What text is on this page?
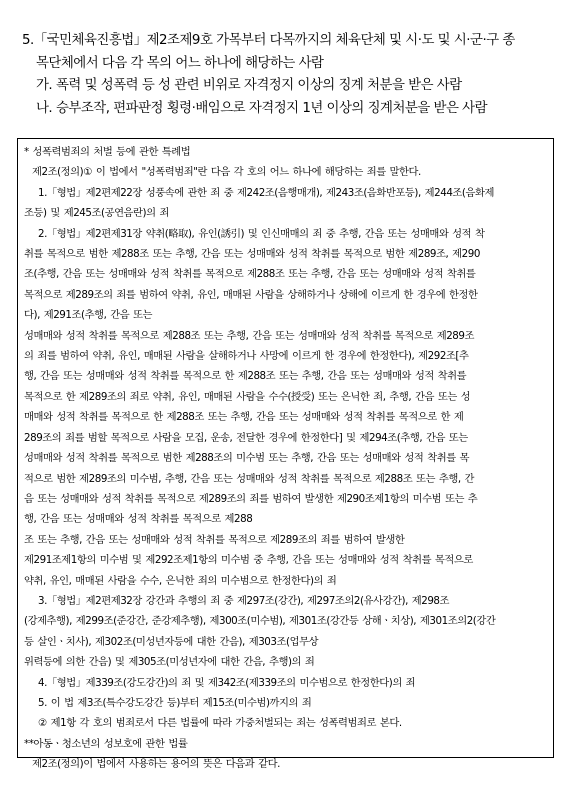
5.「국민체육진흥법」제2조제9호 가목부터 다목까지의 체육단체 및 시·도 및 시·군·구 종
목단체에서 다음 각 목의 어느 하나에 해당하는 사람
가. 폭력 및 성폭력 등 성 관련 비위로 자격정지 이상의 징계 처분을 받은 사람
나. 승부조작, 편파판정 횡령·배임으로 자격정지 1년 이상의 징계처분을 받은 사람
* 성폭력범죄의 처벌 등에 관한 특례법
제2조(정의)① 이 법에서 "성폭력범죄"란 다음 각 호의 어느 하나에 해당하는 죄를 말한다.
1.「형법」제2편제22장 성풍속에 관한 죄 중 제242조(음행매개), 제243조(음화반포등), 제244조(음화제
조등) 및 제245조(공연음란)의 죄
2.「형법」제2편제31장 약취(略取), 유인(誘引) 및 인신매매의 죄 중 추행, 간음 또는 성매매와 성적 착
취를 목적으로 범한 제288조 또는 추행, 간음 또는 성매매와 성적 착취를 목적으로 범한 제289조, 제290
조(추행, 간음 또는 성매매와 성적 착취를 목적으로 제288조 또는 추행, 간음 또는 성매매와 성적 착취를
목적으로 제289조의 죄를 범하여 약취, 유인, 매매된 사람을 상해하거나 상해에 이르게 한 경우에 한정한
다), 제291조(추행, 간음 또는
성매매와 성적 착취를 목적으로 제288조 또는 추행, 간음 또는 성매매와 성적 착취를 목적으로 제289조
의 죄를 범하여 약취, 유인, 매매된 사람을 살해하거나 사망에 이르게 한 경우에 한정한다), 제292조[추
행, 간음 또는 성매매와 성적 착취를 목적으로 한 제288조 또는 추행, 간음 또는 성매매와 성적 착취를
목적으로 한 제289조의 죄로 약취, 유인, 매매된 사람을 수수(授受) 또는 은닉한 죄, 추행, 간음 또는 성
매매와 성적 착취를 목적으로 한 제288조 또는 추행, 간음 또는 성매매와 성적 착취를 목적으로 한 제
289조의 죄를 범할 목적으로 사람을 모집, 운송, 전달한 경우에 한정한다] 및 제294조(추행, 간음 또는
성매매와 성적 착취를 목적으로 범한 제288조의 미수범 또는 추행, 간음 또는 성매매와 성적 착취를 목
적으로 범한 제289조의 미수범, 추행, 간음 또는 성매매와 성적 착취를 목적으로 제288조 또는 추행, 간
음 또는 성매매와 성적 착취를 목적으로 제289조의 죄를 범하여 발생한 제290조제1항의 미수범 또는 추
행, 간음 또는 성매매와 성적 착취를 목적으로 제288
조 또는 추행, 간음 또는 성매매와 성적 착취를 목적으로 제289조의 죄를 범하여 발생한
제291조제1항의 미수범 및 제292조제1항의 미수범 중 추행, 간음 또는 성매매와 성적 착취를 목적으로
약취, 유인, 매매된 사람을 수수, 은닉한 죄의 미수범으로 한정한다)의 죄
3.「형법」제2편제32장 강간과 추행의 죄 중 제297조(강간), 제297조의2(유사강간), 제298조
(강제추행), 제299조(준강간, 준강제추행), 제300조(미수범), 제301조(강간등 상해ㆍ치상), 제301조의2(강간
등 살인ㆍ치사), 제302조(미성년자등에 대한 간음), 제303조(업무상
위력등에 의한 간음) 및 제305조(미성년자에 대한 간음, 추행)의 죄
4.「형법」제339조(강도강간)의 죄 및 제342조(제339조의 미수범으로 한정한다)의 죄
5. 이 법 제3조(특수강도강간 등)부터 제15조(미수범)까지의 죄
② 제1항 각 호의 범죄로서 다른 법률에 따라 가중처벌되는 죄는 성폭력범죄로 본다.
**아동ㆍ청소년의 성보호에 관한 법률
제2조(정의)이 법에서 사용하는 용어의 뜻은 다음과 같다.
